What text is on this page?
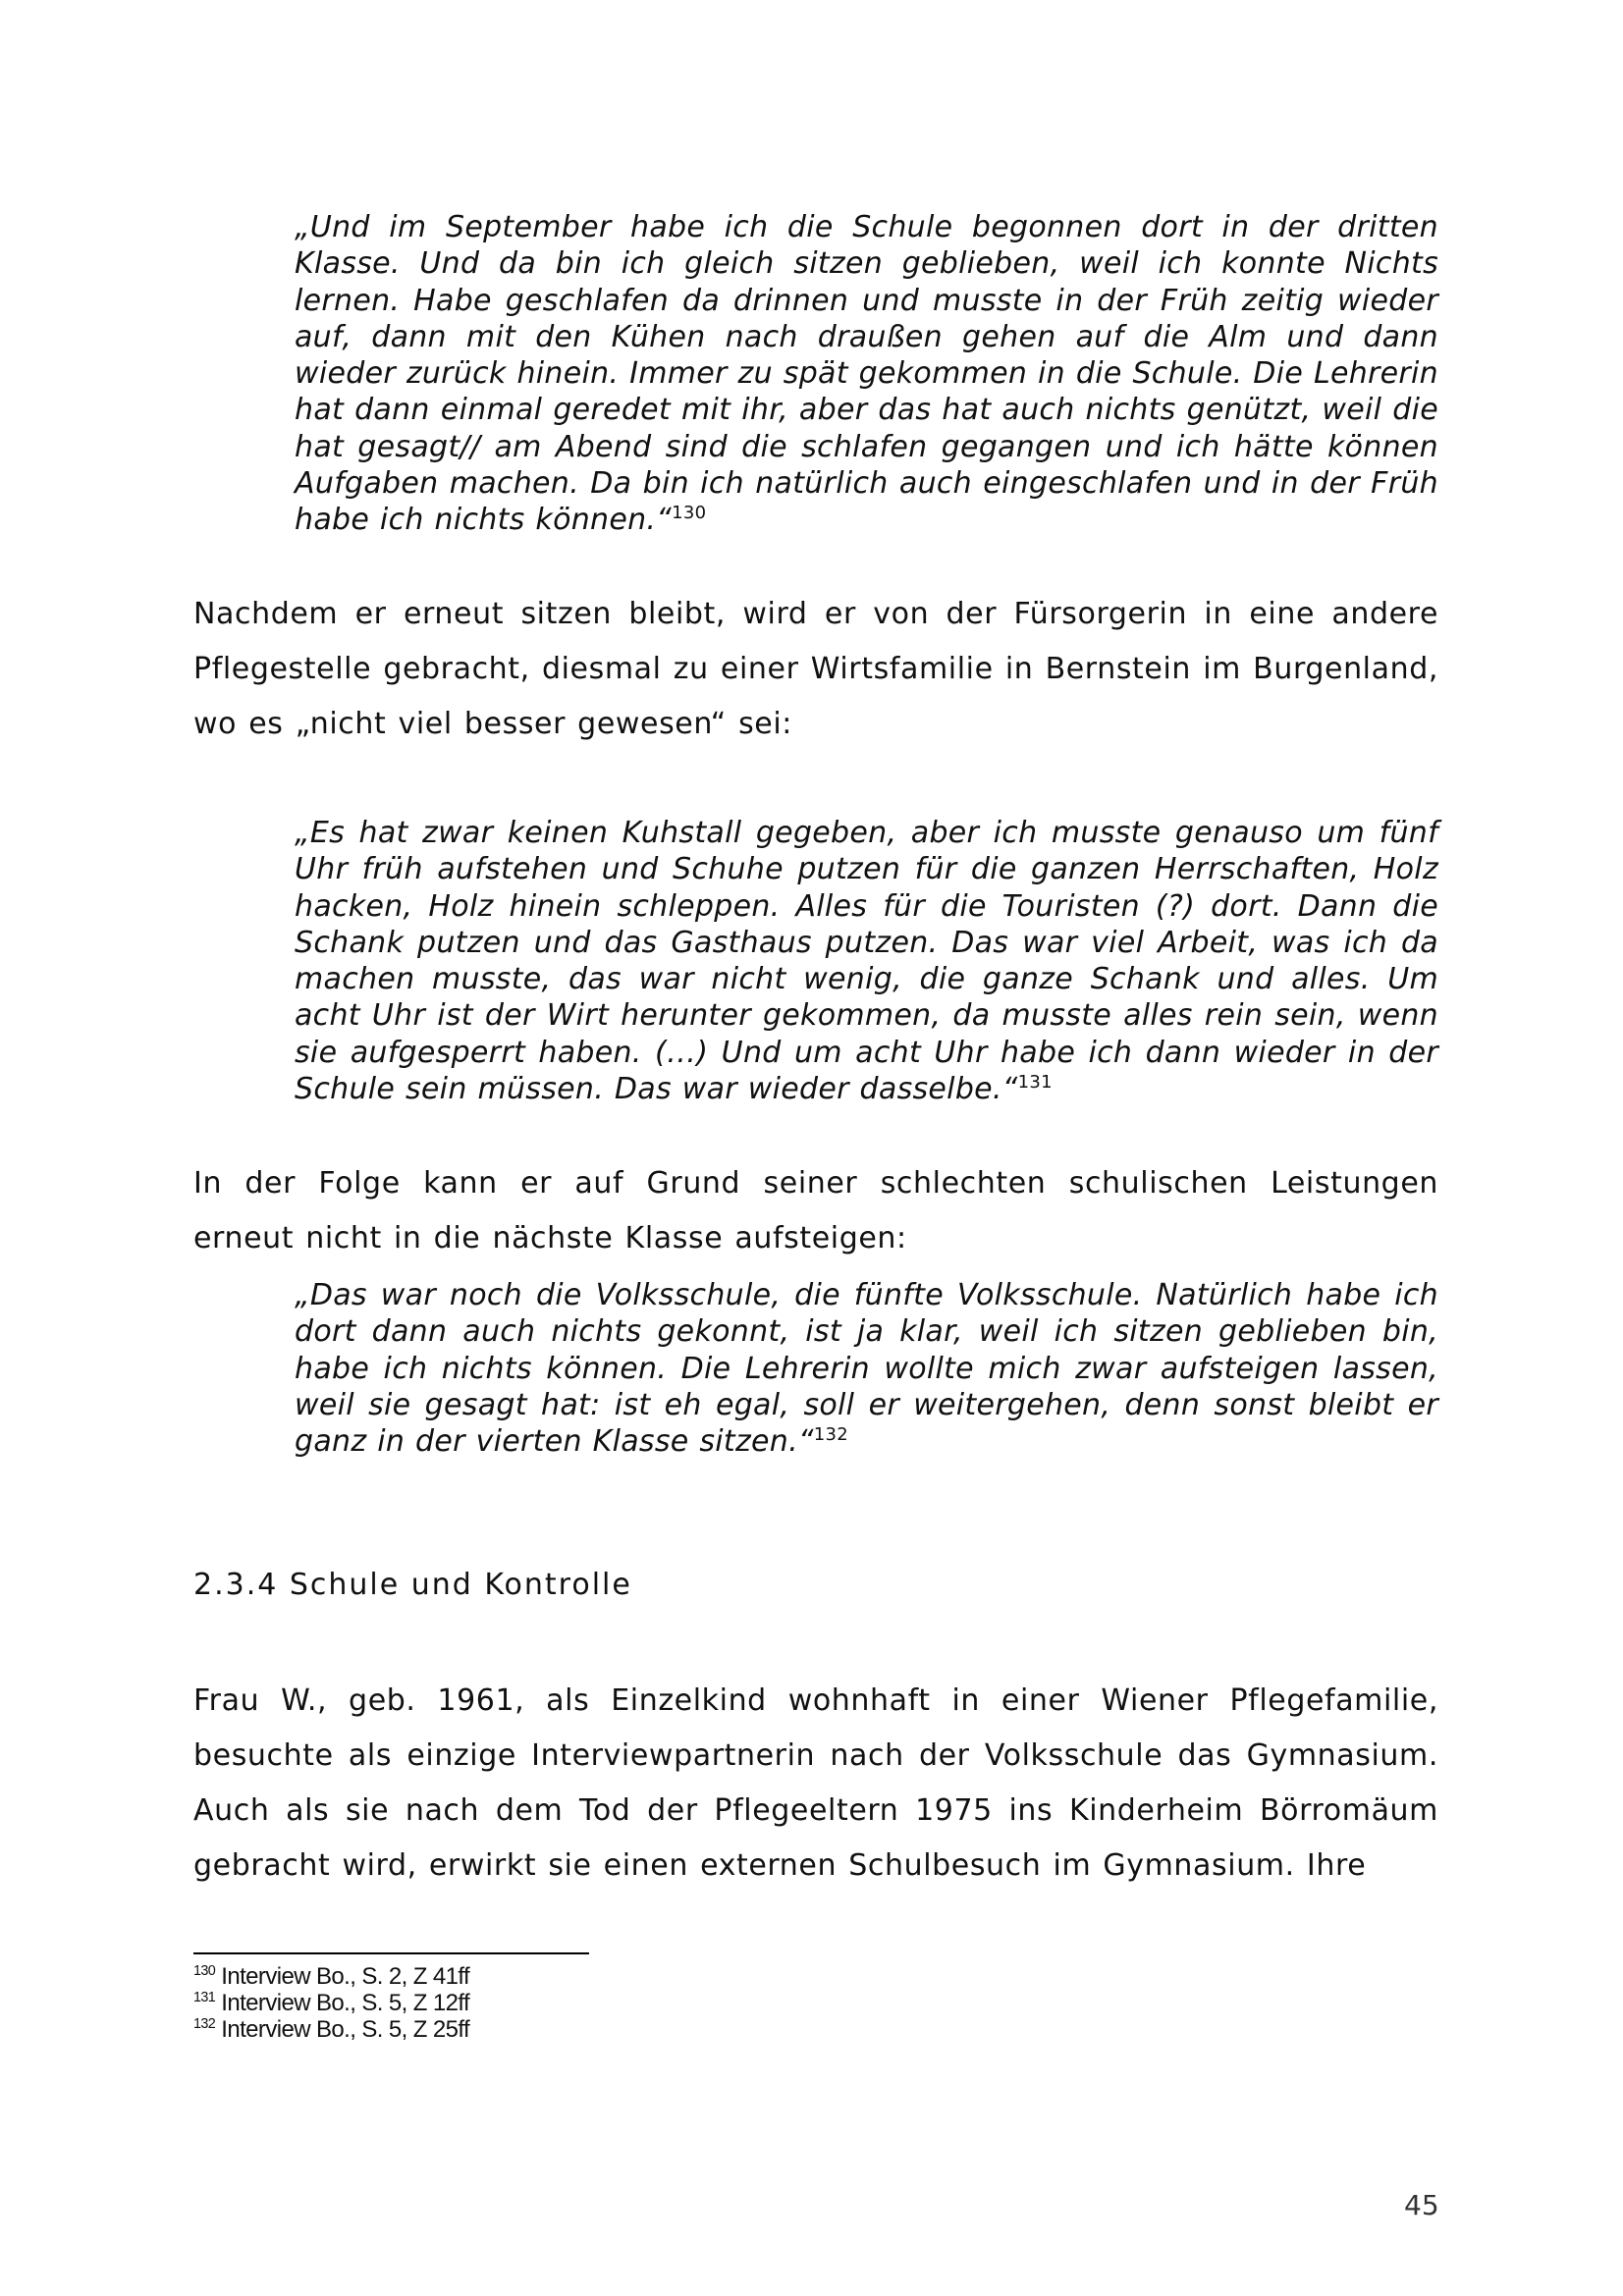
„Und im September habe ich die Schule begonnen dort in der dritten Klasse. Und da bin ich gleich sitzen geblieben, weil ich konnte Nichts lernen. Habe geschlafen da drinnen und musste in der Früh zeitig wieder auf, dann mit den Kühen nach draußen gehen auf die Alm und dann wieder zurück hinein. Immer zu spät gekommen in die Schule. Die Lehrerin hat dann einmal geredet mit ihr, aber das hat auch nichts genützt, weil die hat gesagt// am Abend sind die schlafen gegangen und ich hätte können Aufgaben machen. Da bin ich natürlich auch eingeschlafen und in der Früh habe ich nichts können.“$^{130}$

Nachdem er erneut sitzen bleibt, wird er von der Fürsorgerin in eine andere Pflegestelle gebracht, diesmal zu einer Wirtsfamilie in Bernstein im Burgenland, wo es „nicht viel besser gewesen“ sei:

„Es hat zwar keinen Kuhstall gegeben, aber ich musste genauso um fünf Uhr früh aufstehen und Schuhe putzen für die ganzen Herrschaften, Holz hacken, Holz hinein schleppen. Alles für die Touristen (?) dort. Dann die Schank putzen und das Gasthaus putzen. Das war viel Arbeit, was ich da machen musste, das war nicht wenig, die ganze Schank und alles. Um acht Uhr ist der Wirt herunter gekommen, da musste alles rein sein, wenn sie aufgesperrt haben. (…) Und um acht Uhr habe ich dann wieder in der Schule sein müssen. Das war wieder dasselbe.“$^{131}$

In der Folge kann er auf Grund seiner schlechten schulischen Leistungen erneut nicht in die nächste Klasse aufsteigen:

„Das war noch die Volksschule, die fünfte Volksschule. Natürlich habe ich dort dann auch nichts gekonnt, ist ja klar, weil ich sitzen geblieben bin, habe ich nichts können. Die Lehrerin wollte mich zwar aufsteigen lassen, weil sie gesagt hat: ist eh egal, soll er weitergehen, denn sonst bleibt er ganz in der vierten Klasse sitzen.“$^{132}$

2.3.4 Schule und Kontrolle

Frau W., geb. 1961, als Einzelkind wohnhaft in einer Wiener Pflegefamilie, besuchte als einzige Interviewpartnerin nach der Volksschule das Gymnasium. Auch als sie nach dem Tod der Pflegeeltern 1975 ins Kinderheim Börromäum gebracht wird, erwirkt sie einen externen Schulbesuch im Gymnasium. Ihre

$^{130}$ Interview Bo., S. 2, Z 41ff
$^{131}$ Interview Bo., S. 5, Z 12ff
$^{132}$ Interview Bo., S. 5, Z 25ff
45
